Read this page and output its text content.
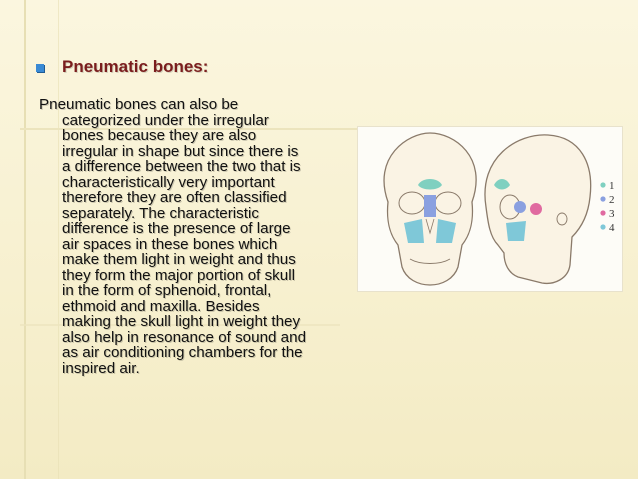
Pneumatic bones:
Pneumatic bones can also be
categorized under the irregular
bones because they are also
irregular in shape but since there is
a difference between the two that is
characteristically very important
therefore they are often classified
separately. The characteristic
difference is the presence of large
air spaces in these bones which
make them light in weight and thus
they form the major portion of skull
in the form of sphenoid, frontal,
ethmoid and maxilla. Besides
making the skull light in weight they
also help in resonance of sound and
as air conditioning chambers for the
inspired air.
1
2
3
4
